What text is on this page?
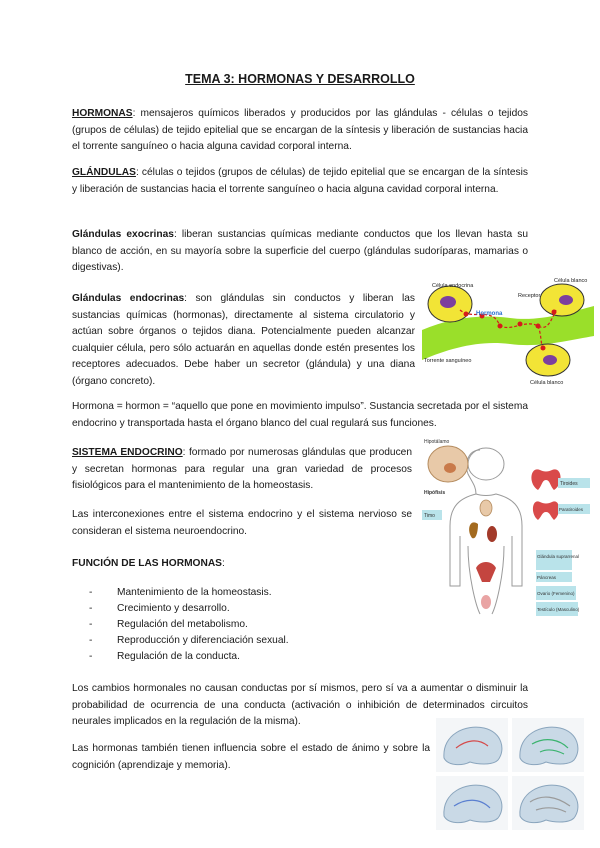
TEMA 3: HORMONAS Y DESARROLLO

HORMONAS: mensajeros químicos liberados y producidos por las glándulas - células o tejidos (grupos de células) de tejido epitelial que se encargan de la síntesis y liberación de sustancias hacia el torrente sanguíneo o hacia alguna cavidad corporal interna.

GLÁNDULAS: células o tejidos (grupos de células) de tejido epitelial que se encargan de la síntesis y liberación de sustancias hacia el torrente sanguíneo o hacia alguna cavidad corporal interna.

Glándulas exocrinas: liberan sustancias químicas mediante conductos que los llevan hasta su blanco de acción, en su mayoría sobre la superficie del cuerpo (glándulas sudoríparas, mamarias o digestivas).

Glándulas endocrinas: son glándulas sin conductos y liberan las sustancias químicas (hormonas), directamente al sistema circulatorio y actúan sobre órganos o tejidos diana. Potencialmente pueden alcanzar cualquier célula, pero sólo actuarán en aquellas donde estén presentes los receptores adecuados. Debe haber un secretor (glándula) y una diana (órgano concreto).

Hormona = hormon = “aquello que pone en movimiento impulso”. Sustancia secretada por el sistema endocrino y transportada hasta el órgano blanco del cual regulará sus funciones.

SISTEMA ENDOCRINO: formado por numerosas glándulas que producen y secretan hormonas para regular una gran variedad de procesos fisiológicos para el mantenimiento de la homeostasis.

Las interconexiones entre el sistema endocrino y el sistema nervioso se consideran el sistema neuroendocrino.

FUNCIÓN DE LAS HORMONAS:
- Mantenimiento de la homeostasis.
- Crecimiento y desarrollo.
- Regulación del metabolismo.
- Reproducción y diferenciación sexual.
- Regulación de la conducta.

Los cambios hormonales no causan conductas por sí mismos, pero sí va a aumentar o disminuir la probabilidad de ocurrencia de una conducta (activación o inhibición de determinados circuitos neurales implicados en la regulación de la misma).

Las hormonas también tienen influencia sobre el estado de ánimo y sobre la cognición (aprendizaje y memoria).

Célula endocrina
Hormona
Receptor
Célula blanco
Torrente sanguíneo
Célula blanco
Hipotálamo
Hipófisis
Timo
Tiroides
Paratiroides
Glándula suprarrenal
Páncreas
Ovario (Femenino)
Testículo (Masculino)
